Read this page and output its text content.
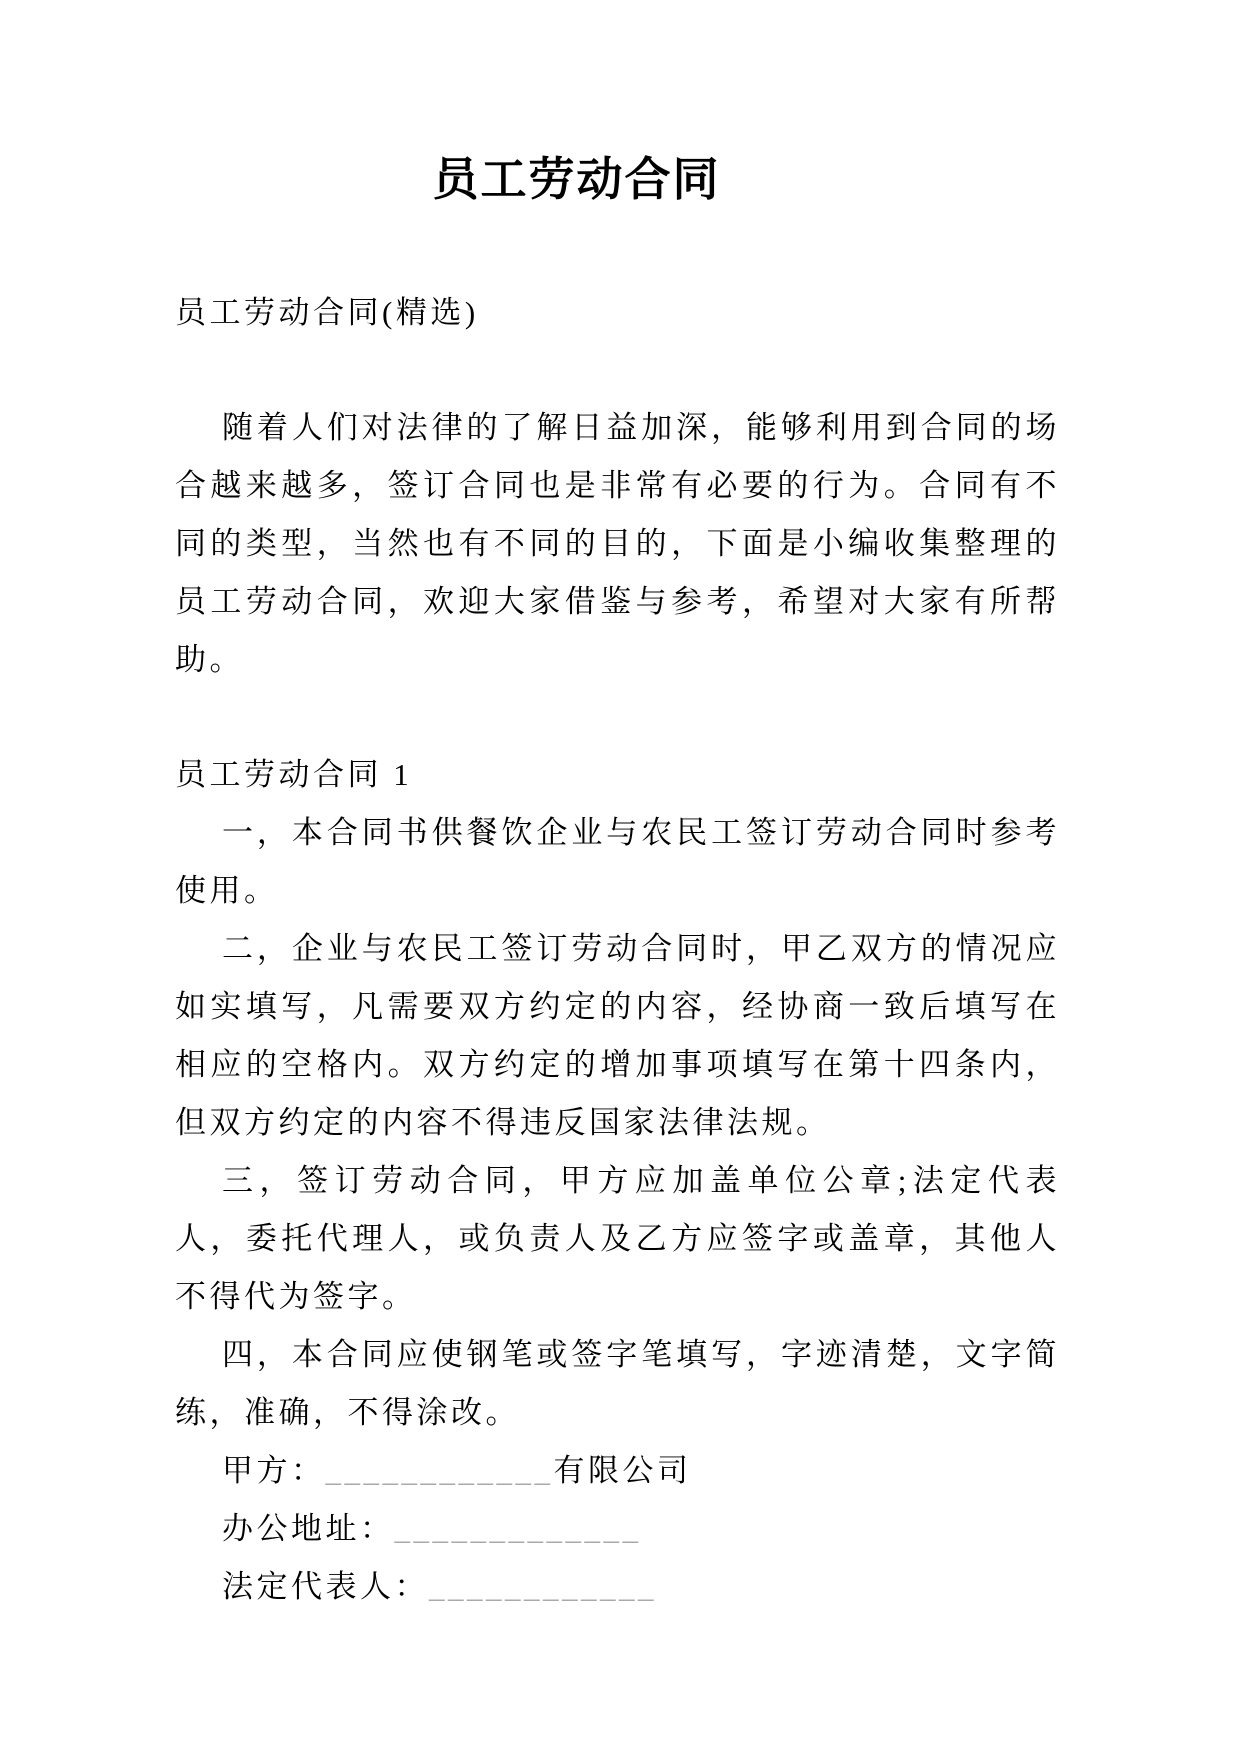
员工劳动合同

员工劳动合同(精选)

随着人们对法律的了解日益加深，能够利用到合同的场合越来越多，签订合同也是非常有必要的行为。合同有不同的类型，当然也有不同的目的，下面是小编收集整理的员工劳动合同，欢迎大家借鉴与参考，希望对大家有所帮助。

员工劳动合同 1

一，本合同书供餐饮企业与农民工签订劳动合同时参考使用。

二，企业与农民工签订劳动合同时，甲乙双方的情况应如实填写，凡需要双方约定的内容，经协商一致后填写在相应的空格内。双方约定的增加事项填写在第十四条内，但双方约定的内容不得违反国家法律法规。

三，签订劳动合同，甲方应加盖单位公章;法定代表人，委托代理人，或负责人及乙方应签字或盖章，其他人不得代为签字。

四，本合同应使钢笔或签字笔填写，字迹清楚，文字简练，准确，不得涂改。

甲方：____________有限公司
办公地址：_____________
法定代表人：____________
